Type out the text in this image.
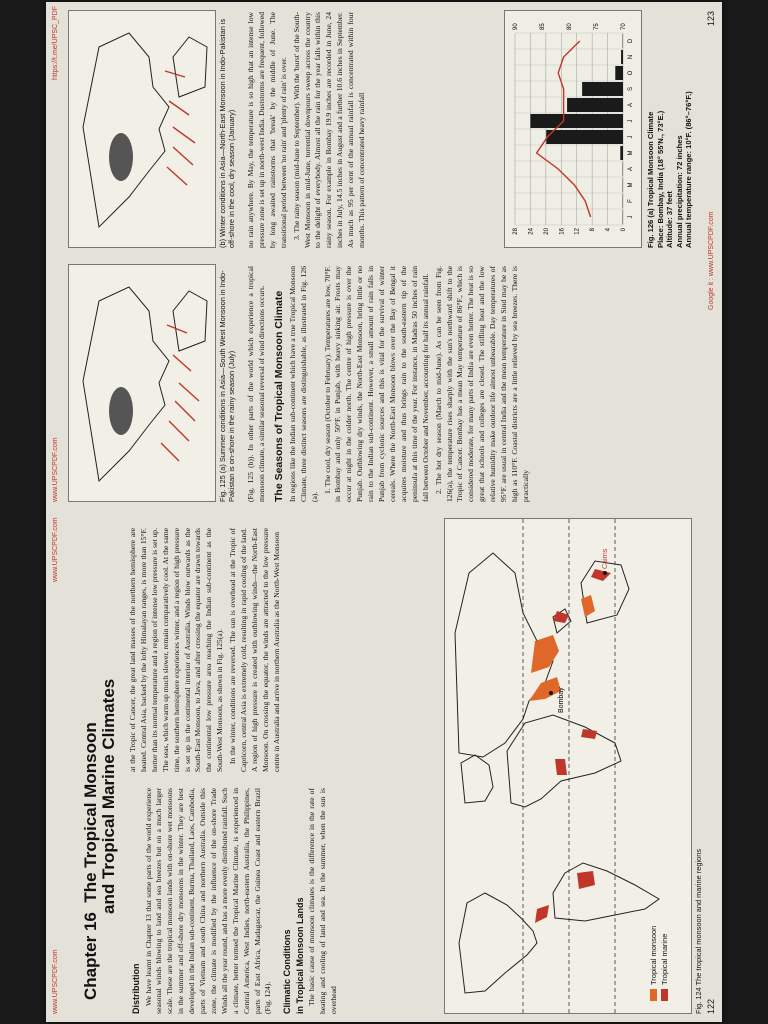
www.UPSCPDF.com
www.UPSCPDF.com
Chapter 16  The Tropical Monsoon and Tropical Marine Climates
Distribution We have learnt in Chapter 13 that some parts of the world experience seasonal winds blowing to land and sea breezes but on a much larger scale. These are the tropical monsoon lands with on-shore wet monsoons in the summer and off-shore dry monsoons in the winter. They are best developed in the Indian sub-continent, Burma, Thailand, Laos, Cambodia, parts of Vietnam and south China and northern Australia. Outside this zone, the climate is modified by the influence of the on-shore Trade Winds all the year round, and has a more evenly distributed rainfall. Such a climate, better termed the Tropical Marine Climate, is experienced in Central America, West Indies, north-eastern Australia, the Philippines, parts of East Africa, Madagascar, the Guinea Coast and eastern Brazil (Fig. 124). Climatic Conditions in Tropical Monsoon Lands The basic cause of monsoon climates is the difference in the rate of heating and cooling of land and sea. In the summer, when the sun is overhead

at the Tropic of Cancer, the great land masses of the northern hemisphere are heated. Central Asia, backed by the lofty Himalayan ranges, is more than 15°F. hotter than its normal temperature and a region of intense low pressure is set up. The seas, which warm up much slower, remain comparatively cool. At the same time, the southern hemisphere experiences winter, and a region of high pressure is set up in the continental interior of Australia. Winds blow outwards as the South-East Monsoon, to Java, and after crossing the equator are drawn towards the continental low pressure area reaching the Indian sub-continent as the South-West Monsoon, as shown in Fig. 125(a). In the winter, conditions are reversed. The sun is overhead at the Tropic of Capricorn, central Asia is extremely cold, resulting in rapid cooling of the land. A region of high pressure is created with outblowing winds—the North-East Monsoon. On crossing the equator, the winds are attracted to the low pressure centre in Australia and arrive in northern Australia as the North-West Monsoon	Bombay
Cairns
Tropical monsoon Tropical marine	Fig. 124 The tropical monsoon and marine regions 122
www.UPSCPDF.com
https://t.me/UPSC_PDF
Fig. 125 (a) Summer conditions in Asia—South West Monsoon in Indo-Pakistan is on-shore in the rainy season (July)
(b) Winter conditions in Asia—North-East Monsoon in Indo-Pakistan is off-shore in the cool, dry season (January)

(Fig. 125 (b)). In other parts of the world which experience a tropical monsoon climate, a similar seasonal reversal of wind directions occurs. The Seasons of Tropical Monsoon Climate In regions like the Indian sub-continent which have a true Tropical Monsoon Climate, three distinct seasons are distinguishable, as illustrated in Fig. 126 (a).

1. The cool, dry season (October to February). Temperatures are low, 70°F. in Bombay and only 50°F. in Punjab, with heavy sinking air. Frosts may occur at night in the colder north. The centre of high pressure is over the Punjab. Outblowing dry winds, the North-East Monsoon, bring little or no rain to the Indian sub-continent. However, a small amount of rain falls in Punjab from cyclonic sources and this is vital for the survival of winter cereals. Where the North-East Monsoon blows over the Bay of Bengal it acquires moisture and thus brings rain to the south-eastern tip of the peninsula at this time of the year. For instance, in Madras 50 inches of rain fall between October and November, accounting for half its annual rainfall. 2. The hot dry season (March to mid-June). As can be seen from Fig. 126(a), the temperature rises sharply with the sun's northward shift to the Tropic of Cancer. Bombay has a mean May temperature of 86°F., which is considered moderate, for many parts of India are even hotter. The heat is so great that schools and colleges are closed. The stifling heat and the low relative humidity make outdoor life almost unbearable. Day temperatures of 95°F. are usual in central India and the mean temperature in Sind may be as high as 110°F. Coastal districts are a little relieved by sea breezes. There is practically

no rain anywhere. By May, the temperature is so high that an intense low pressure zone is set up in north-west India. Duststorms are frequent, followed by long awaited rainstorms that 'break' by the middle of June. The transitional period between 'no rain' and 'plenty of rain' is over. 3. The rainy season (mid-June to September). With the 'burst' of the South-West Monsoon in mid-June, torrential downpours sweep across the country to the delight of everybody. Almost all the rain for the year falls within this rainy season. For example in Bombay 19.9 inches are recorded in June, 24 inches in July, 14.5 inches in August and a further 10.6 inches in September. As much as 95 per cent of the annual rainfall is concentrated within four months. This pattern of concentrated heavy rainfall	0
4
8
12
16
20
24
28
70
75
80
85
90
J
F
M
A
M
J
J
A
S
O
N
D
Fig. 126 (a) Tropical Monsoon Climate Place: Bombay, India (18° 55'N., 73°E.) Altitude: 37 feet Annual precipitation: 72 inches Annual temperature range: 10°F. (86°–76°F.)
123
Google it : www.UPSCPDF.com
